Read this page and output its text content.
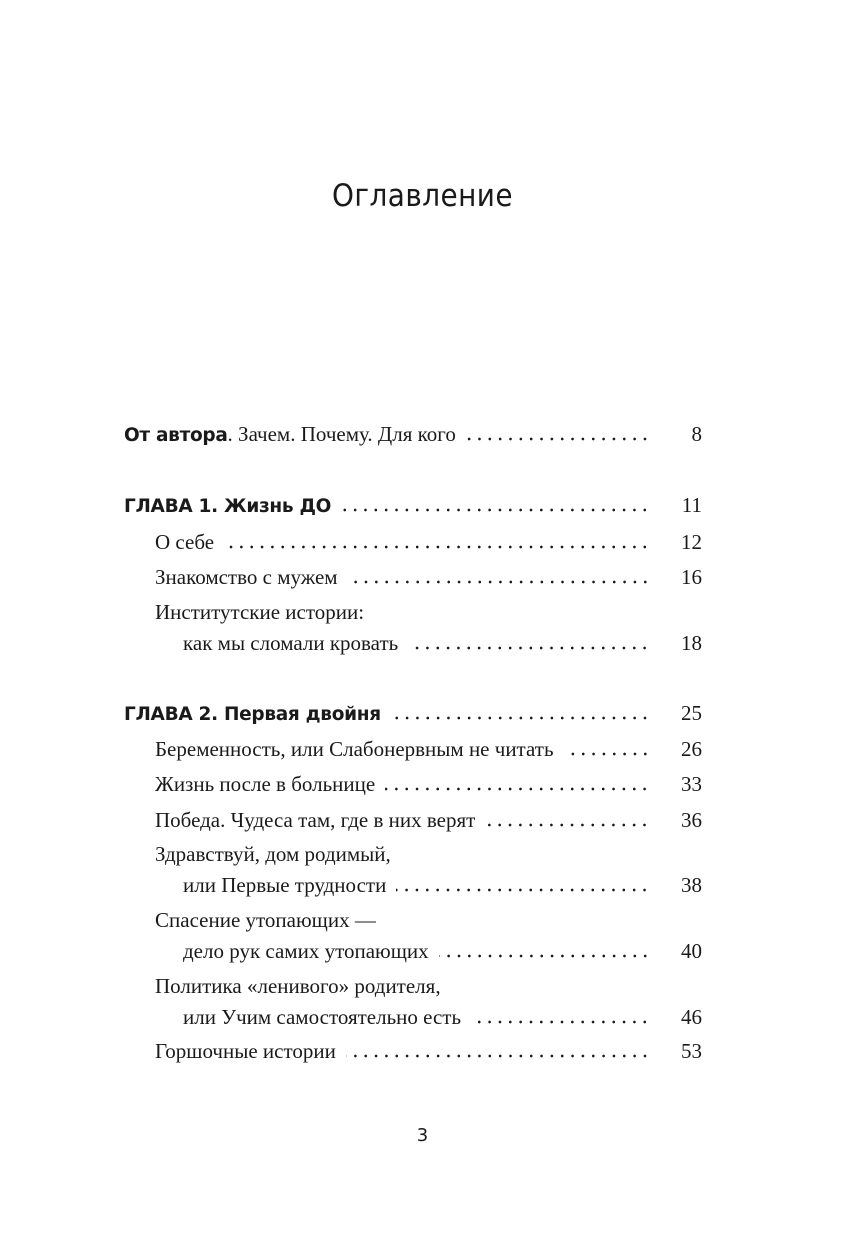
Оглавление
От автора . Зачем. Почему. Для кого	8
ГЛАВА 1. Жизнь ДО	11
О себе	12
Знакомство с мужем	16
Институтские истории:
как мы сломали кровать	18
ГЛАВА 2. Первая двойня	25
Беременность, или Слабонервным не читать	26
Жизнь после в больнице	33
Победа. Чудеса там, где в них верят	36
Здравствуй, дом родимый,
или Первые трудности	38
Спасение утопающих —
дело рук самих утопающих	40
Политика «ленивого» родителя,
или Учим самостоятельно есть	46
Горшочные истории	53
3
